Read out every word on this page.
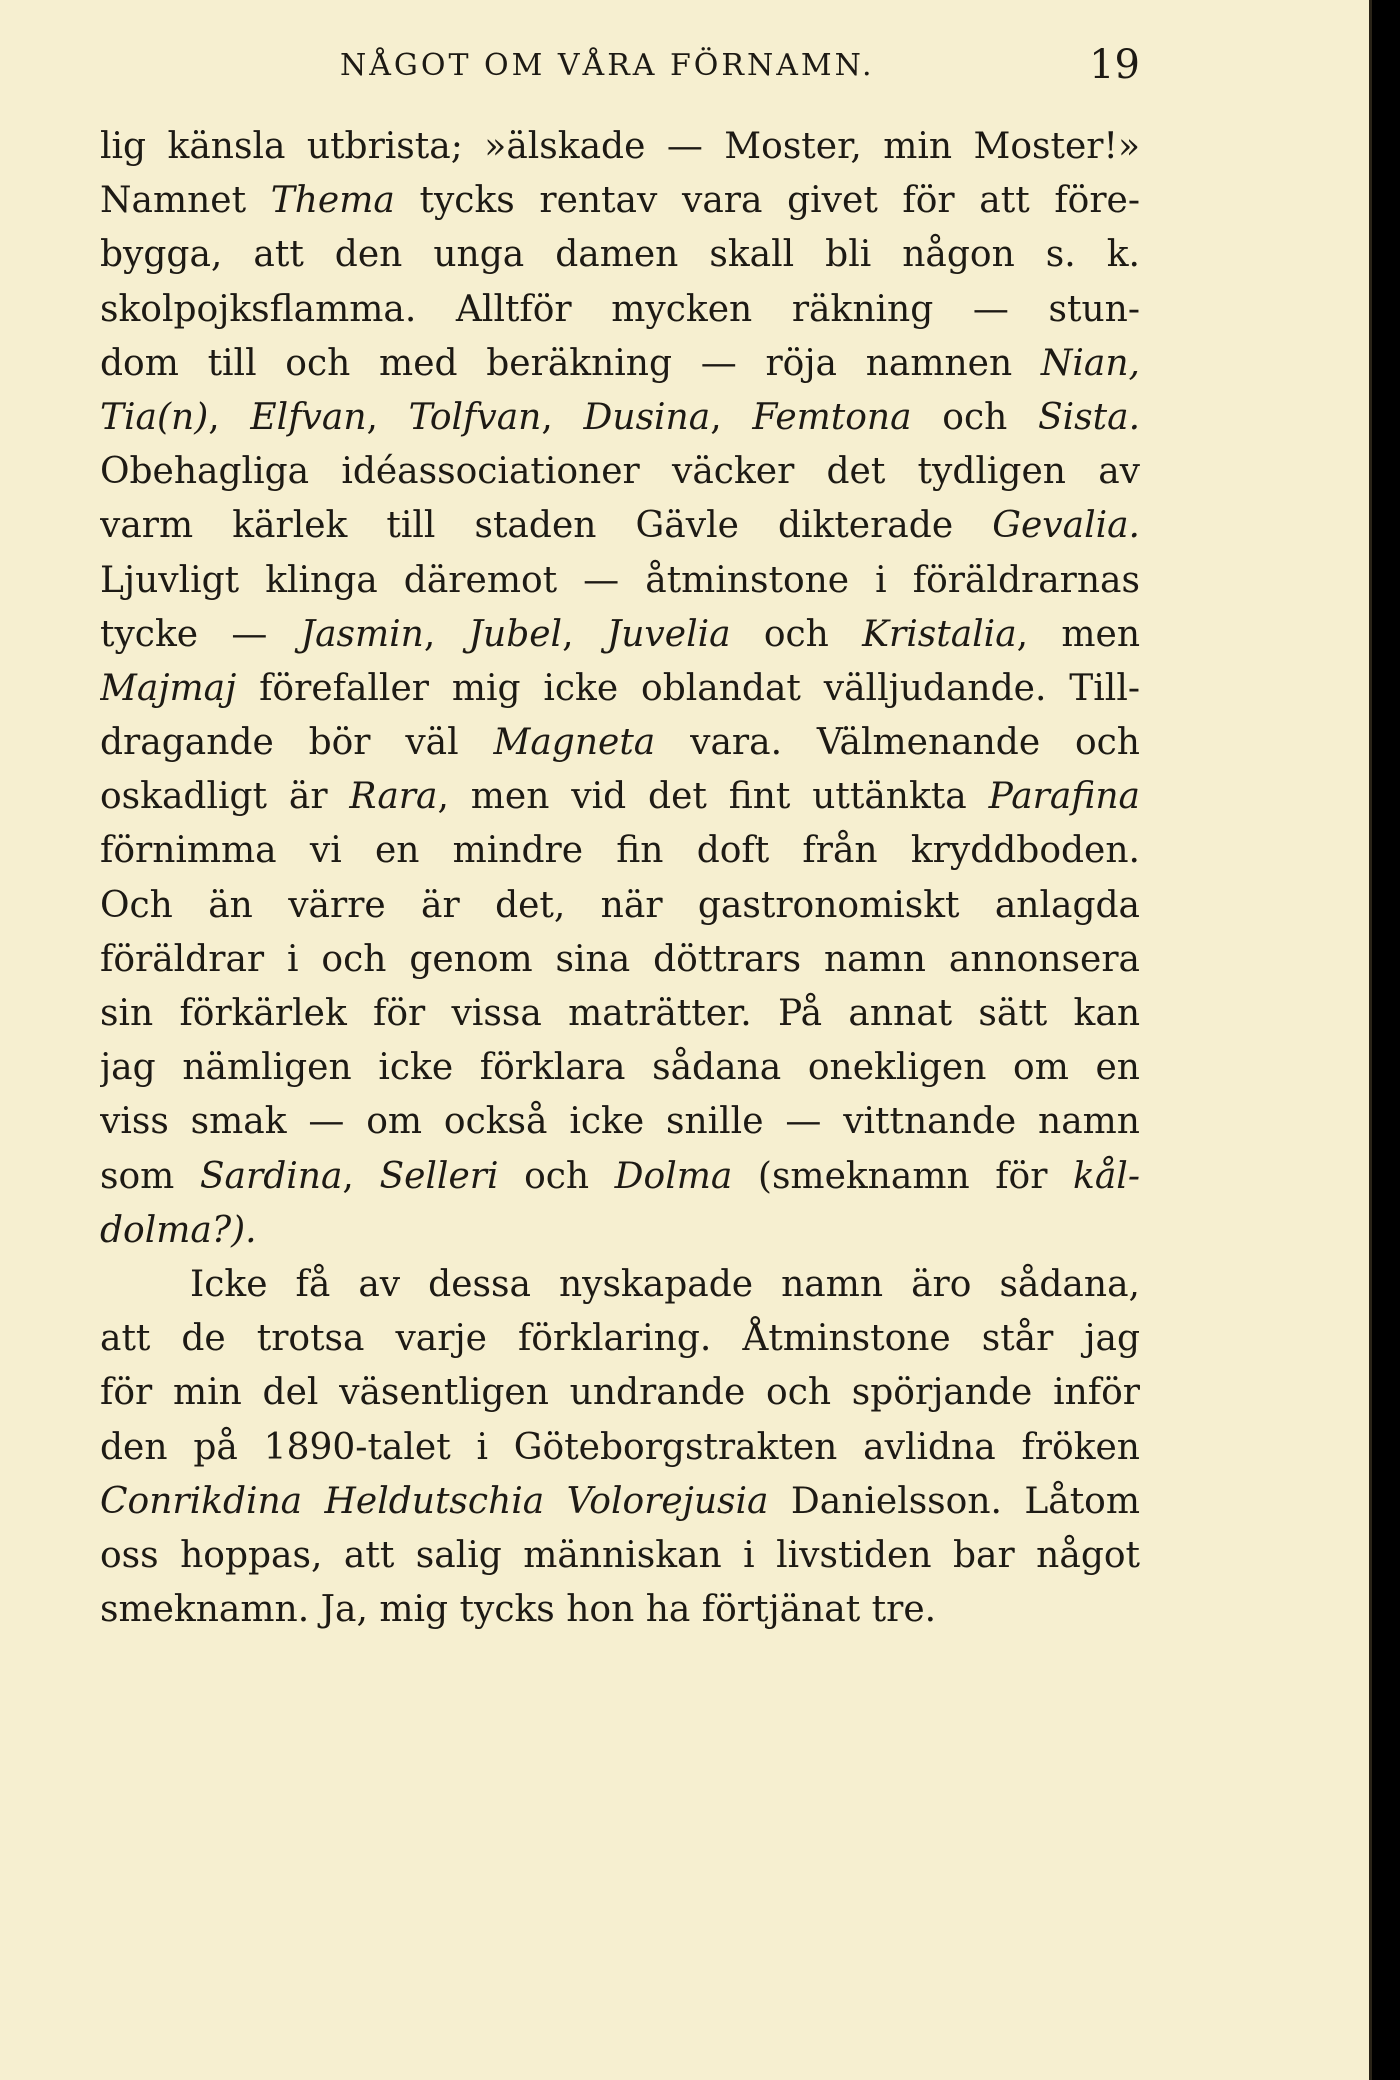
NÅGOT OM VÅRA FÖRNAMN.	19
lig känsla utbrista; »älskade — Moster, min Moster!»
Namnet Thema tycks rentav vara givet för att före-
bygga, att den unga damen skall bli någon s. k.
skolpojksflamma. Alltför mycken räkning — stun-
dom till och med beräkning — röja namnen Nian,
Tia(n), Elfvan, Tolfvan, Dusina, Femtona och Sista.
Obehagliga idéassociationer väcker det tydligen av
varm kärlek till staden Gävle dikterade Gevalia.
Ljuvligt klinga däremot — åtminstone i föräldrarnas
tycke — Jasmin, Jubel, Juvelia och Kristalia, men
Majmaj förefaller mig icke oblandat välljudande. Till-
dragande bör väl Magneta vara. Välmenande och
oskadligt är Rara, men vid det fint uttänkta Parafina
förnimma vi en mindre fin doft från kryddboden.
Och än värre är det, när gastronomiskt anlagda
föräldrar i och genom sina döttrars namn annonsera
sin förkärlek för vissa maträtter. På annat sätt kan
jag nämligen icke förklara sådana onekligen om en
viss smak — om också icke snille — vittnande namn
som Sardina, Selleri och Dolma (smeknamn för kål-
dolma?).
Icke få av dessa nyskapade namn äro sådana,
att de trotsa varje förklaring. Åtminstone står jag
för min del väsentligen undrande och spörjande inför
den på 1890-talet i Göteborgstrakten avlidna fröken
Conrikdina Heldutschia Volorejusia Danielsson. Låtom
oss hoppas, att salig människan i livstiden bar något
smeknamn. Ja, mig tycks hon ha förtjänat tre.
